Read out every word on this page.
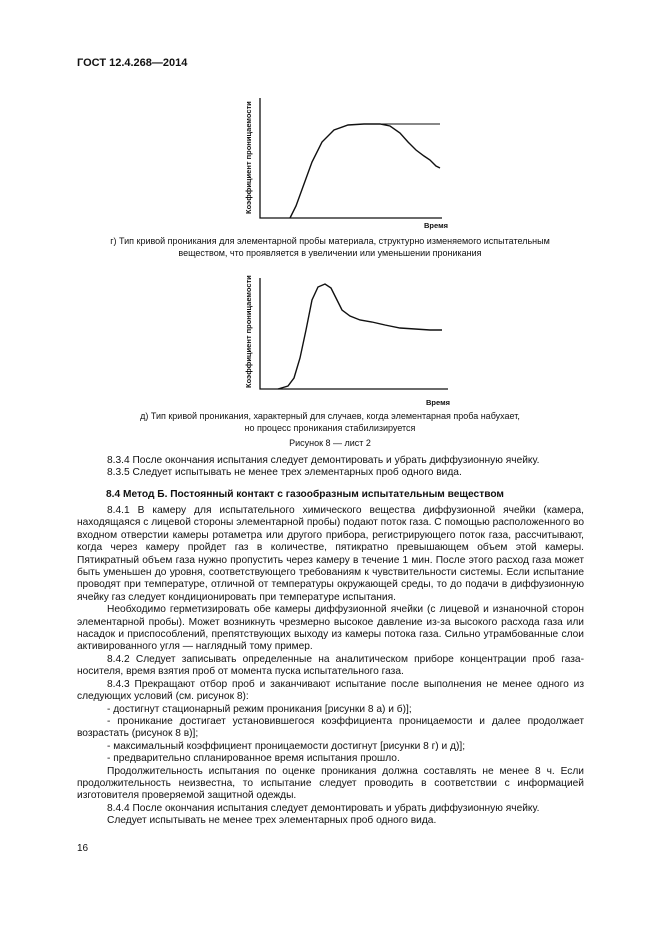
ГОСТ 12.4.268—2014
Коэффициент проницаемости
Время
г) Тип кривой проникания для элементарной пробы материала, структурно изменяемого испытательным
веществом, что проявляется в увеличении или уменьшении проникания
Коэффициент проницаемости
Время
д) Тип кривой проникания, характерный для случаев, когда элементарная проба набухает,
но процесс проникания стабилизируется
Рисунок 8 — лист 2

8.3.4 После окончания испытания следует демонтировать и убрать диффузионную ячейку.

8.3.5 Следует испытывать не менее трех элементарных проб одного вида.

8.4 Метод Б. Постоянный контакт с газообразным испытательным веществом

8.4.1 В камеру для испытательного химического вещества диффузионной ячейки (камера, находящаяся с лицевой стороны элементарной пробы) подают поток газа. С помощью расположенного во входном отверстии камеры ротаметра или другого прибора, регистрирующего поток газа, рассчитывают, когда через камеру пройдет газ в количестве, пятикратно превышающем объем этой камеры. Пятикратный объем газа нужно пропустить через камеру в течение 1 мин. После этого расход газа может быть уменьшен до уровня, соответствующего требованиям к чувствительности системы. Если испытание проводят при температуре, отличной от температуры окружающей среды, то до подачи в диффузионную ячейку газ следует кондиционировать при температуре испытания.

Необходимо герметизировать обе камеры диффузионной ячейки (с лицевой и изнаночной сторон элементарной пробы). Может возникнуть чрезмерно высокое давление из-за высокого расхода газа или насадок и приспособлений, препятствующих выходу из камеры потока газа. Сильно утрамбованные слои активированного угля — наглядный тому пример.

8.4.2 Следует записывать определенные на аналитическом приборе концентрации проб газа-носителя, время взятия проб от момента пуска испытательного газа.

8.4.3 Прекращают отбор проб и заканчивают испытание после выполнения не менее одного из следующих условий (см. рисунок 8):

- достигнут стационарный режим проникания [рисунки 8 а) и б)];

- проникание достигает установившегося коэффициента проницаемости и далее продолжает возрастать (рисунок 8 в)];

- максимальный коэффициент проницаемости достигнут [рисунки 8 г) и д)];

- предварительно спланированное время испытания прошло.

Продолжительность испытания по оценке проникания должна составлять не менее 8 ч. Если продолжительность неизвестна, то испытание следует проводить в соответствии с информацией изготовителя проверяемой защитной одежды.

8.4.4 После окончания испытания следует демонтировать и убрать диффузионную ячейку.

Следует испытывать не менее трех элементарных проб одного вида.

16
